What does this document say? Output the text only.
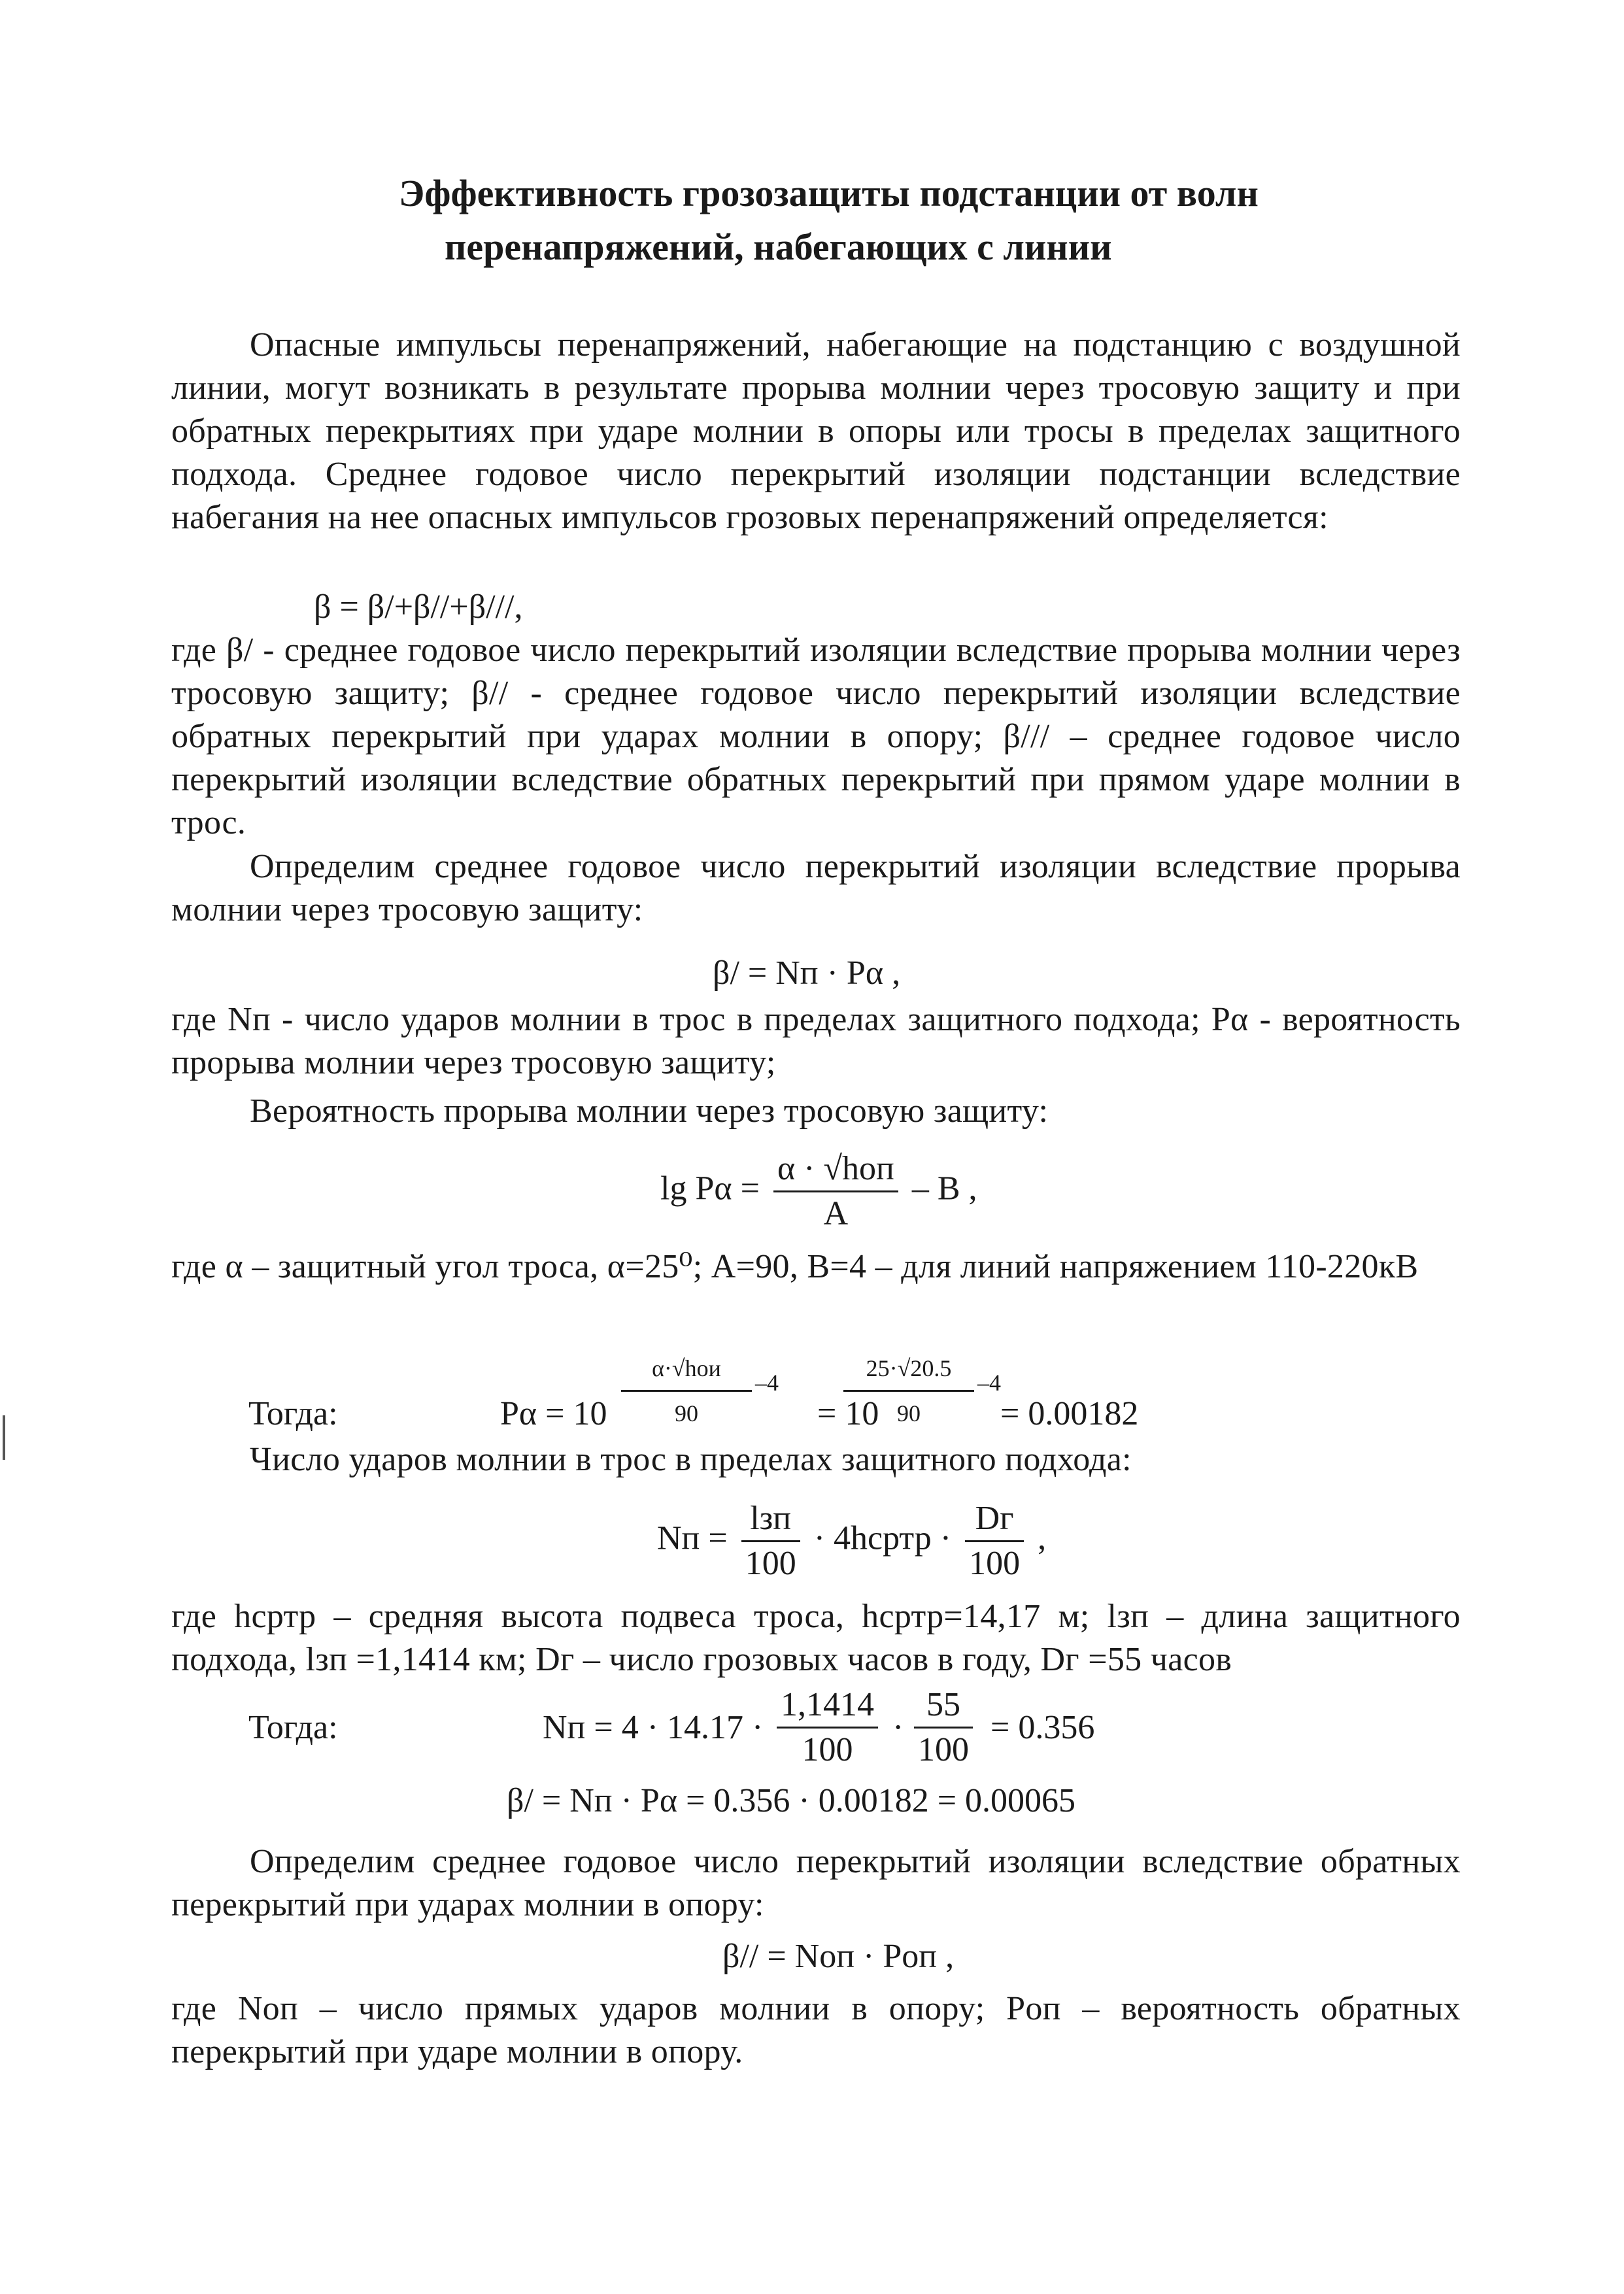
Эффективность грозозащиты подстанции от волн
перенапряжений, набегающих с линии

Опасные импульсы перенапряжений, набегающие на подстанцию с воздушной линии, могут возникать в результате прорыва молнии через тросовую защиту и при обратных перекрытиях при ударе молнии в опоры или тросы в пределах защитного подхода. Среднее годовое число перекрытий изоляции подстанции вследствие набегания на нее опасных импульсов грозовых перенапряжений определяется:

β = β/+β//+β///,

где β/ - среднее годовое число перекрытий изоляции вследствие прорыва молнии через тросовую защиту; β// - среднее годовое число перекрытий изоляции вследствие обратных перекрытий при ударах молнии в опору; β/// – среднее годовое число перекрытий изоляции вследствие обратных перекрытий при прямом ударе молнии в трос.

Определим среднее годовое число перекрытий изоляции вследствие прорыва молнии через тросовую защиту:

β/ = Nп · Pα ,

где Nп - число ударов молнии в трос в пределах защитного подхода; Pα - вероятность прорыва молнии через тросовую защиту;

Вероятность прорыва молнии через тросовую защиту:

$\lg P\alpha = \frac{\text{α · √hоп}}{A} - B$ ,

где α – защитный угол троса, α=25⁰; A=90, B=4 – для линий напряжением 110-220кВ

Тогда:	Pα = 10
α·√hои
90
–4
= 10
$\frac{25\cdot√20.5}{90} -4$
= 0.00182

Число ударов молнии в трос в пределах защитного подхода:

Nп = $\frac{\text{lзп}}{100}$ · 4hсртр · $\frac{Dг}{100}$ ,

где hсртр – средняя высота подвеса троса, hсртр=14,17 м; lзп – длина защитного подхода, lзп =1,1414 км; Dг – число грозовых часов в году, Dг =55 часов

Тогда:	Nп = $4 \cdot 14.17 \cdot \frac{1,1414}{100} \cdot \frac{55}{100} = 0.356$
β/ = Nп · Pα = 0.356 · 0.00182 = 0.00065

Определим среднее годовое число перекрытий изоляции вследствие обратных перекрытий при ударах молнии в опору:

β// = Nоп · Pоп ,

где Nоп – число прямых ударов молнии в опору; Pоп – вероятность обратных перекрытий при ударе молнии в опору.
